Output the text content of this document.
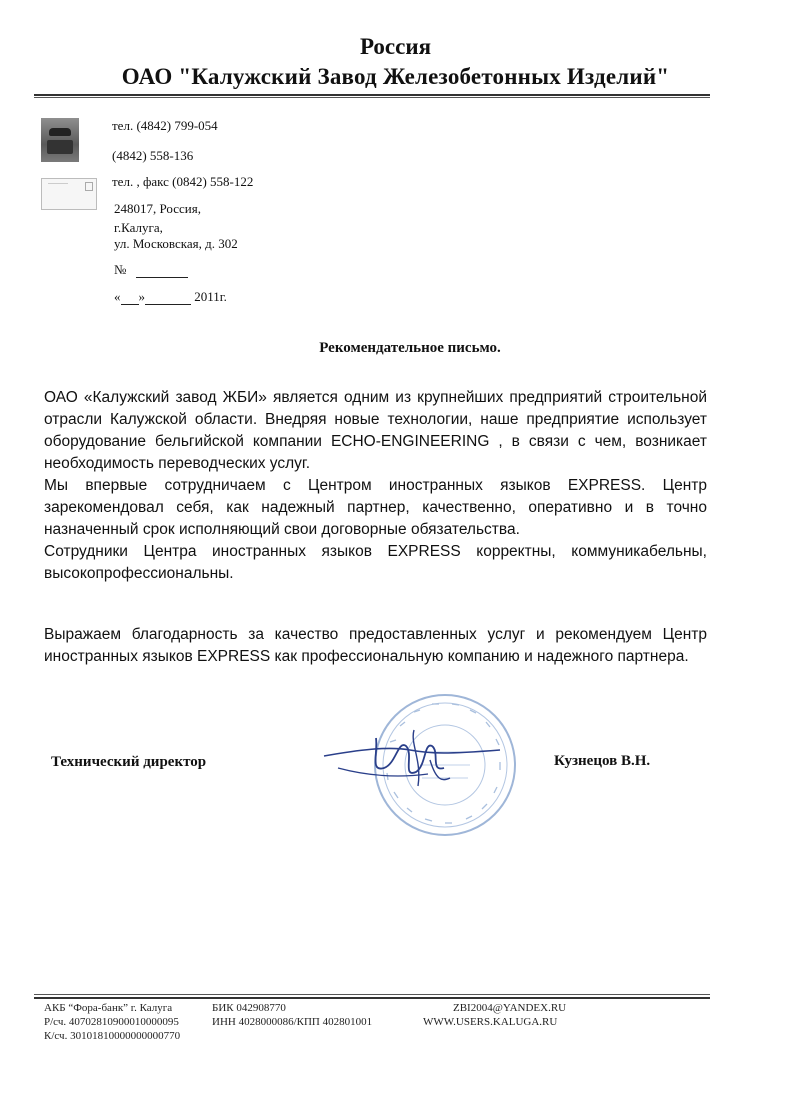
Россия
ОАО "Калужский Завод Железобетонных Изделий"
тел. (4842) 799-054
(4842) 558-136
тел. , факс (0842) 558-122
248017, Россия,
г.Калуга,
ул. Московская, д. 302
№
« »	2011г.
Рекомендательное письмо.

ОАО «Калужский завод ЖБИ» является одним из крупнейших предприятий строительной отрасли Калужской области. Внедряя новые технологии, наше предприятие использует оборудование бельгийской компании ECHO-ENGINEERING , в связи с чем, возникает необходимость переводческих услуг.

Мы впервые сотрудничаем с Центром иностранных языков EXPRESS. Центр зарекомендовал себя, как надежный партнер, качественно, оперативно и в точно назначенный срок исполняющий свои договорные обязательства.

Сотрудники Центра иностранных языков EXPRESS корректны, коммуникабельны, высокопрофессиональны.

Выражаем благодарность за качество предоставленных услуг и рекомендуем Центр иностранных языков EXPRESS как профессиональную компанию и надежного партнера.

Технический директор	Кузнецов В.Н.
АКБ “Фора-банк” г. Калуга
Р/сч. 40702810900010000095
К/сч. 30101810000000000770
БИК 042908770
ИНН 4028000086/КПП 402801001
ZBI2004@YANDEX.RU
WWW.USERS.KALUGA.RU
